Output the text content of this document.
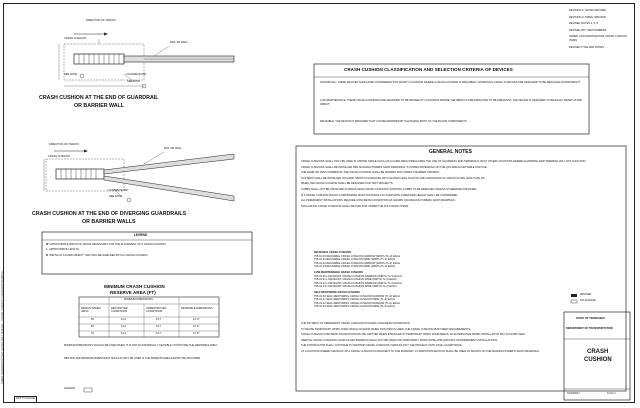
SHEET REFERENCE TEXT ALONG LEFT MARGIN – CRASH CUSHION STANDARD DRAWING
DIRECTION OF TRAFFIC
CRASH CUSHION
RAIL OR WALL
CONCRETE PAD
SEE NOTE
SEE NOTE
CRASH CUSHION AT THE END OF GUARDRAIL
OR BARRIER WALL
DIRECTION OF TRAFFIC
CRASH CUSHION
RAIL OR WALL
CONCRETE PAD
SEE NOTE
CRASH CUSHION AT THE END OF DIVERGING GUARDRAILS
OR BARRIER WALLS
LEGEND
W  APPROXIMATE WIDTH OF SPACE NECESSARY FOR THE PLACEMENT OF A CRASH CUSHION.
L  APPROXIMATE LENGTH.
N  WIDTH OF A FIXED OBJECT THAT WILL BE SHIELDED WITH A CRASH CUSHION.
MINIMUM CRASH CUSHION
RESERVE AREA (FT)
MINIMUM DIMENSIONS
DESIGN SPEED (MPH)
RESTRICTED CONDITIONS
UNRESTRICTED CONDITIONS
DESIRABLE DIMENSIONS
50	6 11	8 17	12 17
60	6 11	8 17	12 17
70	6 11	8 17	12 17
MINIMUM DIMENSIONS SHOULD BE USED WHEN IT IS NOT ECONOMICALLY FEASIBLE TO PROVIDE THE DESIRABLE AREA.
RESTRICTED MINIMUM DIMENSIONS SHOULD ONLY BE USED IF THE MINIMUM AREA CANNOT BE PROVIDED.
LEGEND:
NOT TO SCALE
CRASH CUSHION CLASSIFICATION AND SELECTION CRITERIA OF DEVICES
SACRIFICIAL: THESE DEVICES SHOULD BE CONSIDERED FOR SHORT LOCATIONS WHERE A CRASH CUSHION IS REQUIRED. SACRIFICIAL CRASH CUSHIONS ARE DESIGNED TO BE REPLACED AFTER IMPACT.
LOW-MAINTENANCE: THESE CRASH CUSHIONS ARE DESIGNED TO BE REUSED AT LOCATIONS WHERE THE IMPACTS ARE EXPECTED TO BE FREQUENT. THE DEVICE IS DESIGNED TO BE EASILY RESET AFTER IMPACT.
REUSABLE: THE DEVICE IS DESIGNED THAT CAN BE REPAIRED BY SALVAGING MOST OF THE MAJOR COMPONENTS.
GENERAL NOTES
CRASH CUSHIONS SHALL ONLY BE USED IN LIMITED SPACE (SUCH AS A GORE AREA) PRECLUDES THE USE OF GUARDRAIL END TERMINALS OR AT OTHER LOCATIONS WHERE GUARDRAIL END TERMINAL WILL NOT FUNCTION.
CRASH CUSHIONS SHALL BE INSTALLED PER MANUFACTURERS SHOP DRAWINGS. SYSTEMS APPEARING ON THE QPL ARE ACCEPTABLE FOR USE.
THE NAME OR VENT NUMBER OF THE CRASH CUSHION SHALL BE MARKED WITH OBJECT MARKER STRIPING.
SYSTEMS SHALL BE INSTALLED ON HARD, SMOOTH SURFACES WITH SLOPES LESS THAN 5% AND VARIATIONS OF CROSS SLOPE LESS THAN 2%.
WHEN THE CRASH CUSHION SHALL BE DESIGNED FOR TEST PROJECTS.
CURBS SHALL NOT BE INSTALLED IN AREAS NEAR CRASH CUSHIONS. EXISTING CURBS TO BE REMOVED UNLESS OTHERWISE SPECIFIED.
IF A CRASH CUSHION WOULD COMPROMISE SIGHT DISTANCE A SYSTEM WITH A REDUCED HEIGHT SHALL BE CONSIDERED.
ALL PERMANENT INSTALLATIONS REQUIRE CONCRETE FOUNDATION AS SHOWN ON MANUFACTURERS SHOP DRAWINGS.
NON-GATING CRASH CUSHIONS SHALL BE PAID FOR UNDER THE FOLLOWING ITEMS:
REUSABLE CRASH CUSHION
705-01.20 REUSABLE CRASH CUSHION NARROW (WIDTH TL-3) EACH
705-01.21 REUSABLE CRASH CUSHION WIDE (WIDTH TL-3) EACH
705-01.22 REUSABLE CRASH CUSHION NARROW (WIDTH TL-2) EACH
705-01.23 REUSABLE CRASH CUSHION WIDE (WIDTH TL-2) EACH
LOW-MAINTENANCE CRASH CUSHION
705-01.30 LOW-MAINT. CRASH CUSHION NARROW (WIDTH TL-3) EACH
705-01.31 LOW-MAINT. CRASH CUSHION WIDE (WIDTH TL-3) EACH
705-01.32 LOW-MAINT. CRASH CUSHION NARROW (WIDTH TL-2) EACH
705-01.33 LOW-MAINT. CRASH CUSHION WIDE (WIDTH TL-2) EACH
SELF-RESTORING CRASH CUSHION
705-01.40 SELF-RESTORING CRASH CUSHION NARROW (TL-3) EACH
705-01.41 SELF-RESTORING CRASH CUSHION WIDE (TL-3) EACH
705-01.42 SELF-RESTORING CRASH CUSHION NARROW (TL-2) EACH
705-01.43 SELF-RESTORING CRASH CUSHION WIDE (TL-2) EACH
THE PAYMENT OF PERMANENT CRASH CUSHION INCLUDES CONCRETE FOUNDATION.
TO REUSE TEMPORARY WORK ZONE CRASH CUSHION WHEN THIS ITEM IS USED, THE CRASH CUSHION MUST MEET REQUIREMENTS.
CRASH CUSHION CONCRETE FOUNDATION MAY BE OMITTED WHEN INSTALLED AT TEMPORARY WORK ZONE AREAS. AN ALTERNATIVE PAVED INSTALLATION MAY ALSO BE USED.
INERTIAL CRASH CUSHIONS (SAND FILLED BARRELS) SHALL NOT BE USED FOR TEMPORARY WORK ZONE APPLICATIONS OR PERMANENT INSTALLATIONS.
THE CONTRACTOR SHALL CONTINUE TO MAINTAIN CRASH CUSHIONS THROUGHOUT THE PROJECT UNTIL FINAL ACCEPTANCE.
AT LOCATIONS WHERE THE BACK OF A CRASH CUSHION IS ADJACENT TO THE ROADWAY, A TRANSITION SECTION SHALL BE USED AS SHOWN ON THE MANUFACTURER'S SHOP DRAWINGS.
REVISION 1: NOTES REVISED
REVISION 2: TABLE UPDATED
REVISED NOTES 1, 5, 8
REVISED PAY ITEM NUMBERS
ADDED LOW-MAINTENANCE CRASH CUSHION ITEMS
REVISED TITLE AND NOTES
REVISED
NO CHANGE
STATE OF TENNESSEE
DEPARTMENT OF TRANSPORTATION
CRASH
CUSHION
01/10/2017	S-CC-1
